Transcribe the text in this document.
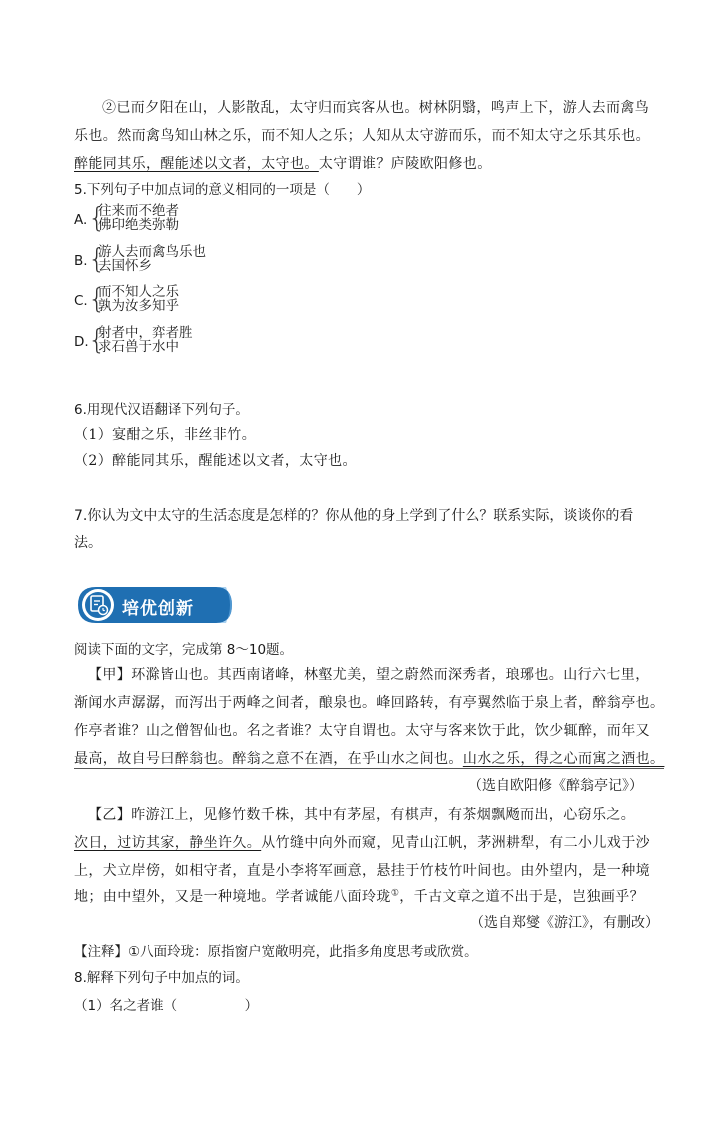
②已而夕阳在山，人影散乱，太守归而宾客从也。树林阴翳，鸣声上下，游人去而禽鸟
乐也。然而禽鸟知山林之乐，而不知人之乐；人知从太守游而乐，而不知太守之乐其乐也。
醉能同其乐，醒能述以文者，太守也。太守谓谁？庐陵欧阳修也。
5.下列句子中加点词的意义相同的一项是（　　）
A. {
往来而不绝者
佛印绝类弥勒
B. {
游人去而禽鸟乐也
去国怀乡
C. {
而不知人之乐
孰为汝多知乎
D. {
射者中，弈者胜
求石兽于水中
6.用现代汉语翻译下列句子。
（1）宴酣之乐，非丝非竹。
（2）醉能同其乐，醒能述以文者，太守也。
7.你认为文中太守的生活态度是怎样的？你从他的身上学到了什么？联系实际，谈谈你的看
法。
培优创新
阅读下面的文字，完成第 8～10题。
【甲】环滁皆山也。其西南诸峰，林壑尤美，望之蔚然而深秀者，琅琊也。山行六七里，
渐闻水声潺潺，而泻出于两峰之间者，酿泉也。峰回路转，有亭翼然临于泉上者，醉翁亭也。
作亭者谁？山之僧智仙也。名之者谁？太守自谓也。太守与客来饮于此，饮少辄醉，而年又
最高，故自号曰醉翁也。醉翁之意不在酒，在乎山水之间也。山水之乐，得之心而寓之酒也。
（选自欧阳修《醉翁亭记》）
【乙】昨游江上，见修竹数千株，其中有茅屋，有棋声，有茶烟飘飏而出，心窃乐之。
次日，过访其家，静坐许久。从竹缝中向外而窥，见青山江帆，茅洲耕犁，有二小儿戏于沙
上，犬立岸傍，如相守者，直是小李将军画意，悬挂于竹枝竹叶间也。由外望内，是一种境
地；由中望外，又是一种境地。学者诚能八面玲珑①，千古文章之道不出于是，岂独画乎？
（选自郑燮《游江》，有删改）
【注释】①八面玲珑：原指窗户宽敞明亮，此指多角度思考或欣赏。
8.解释下列句子中加点的词。
（1）名之者谁（　　　　　）
